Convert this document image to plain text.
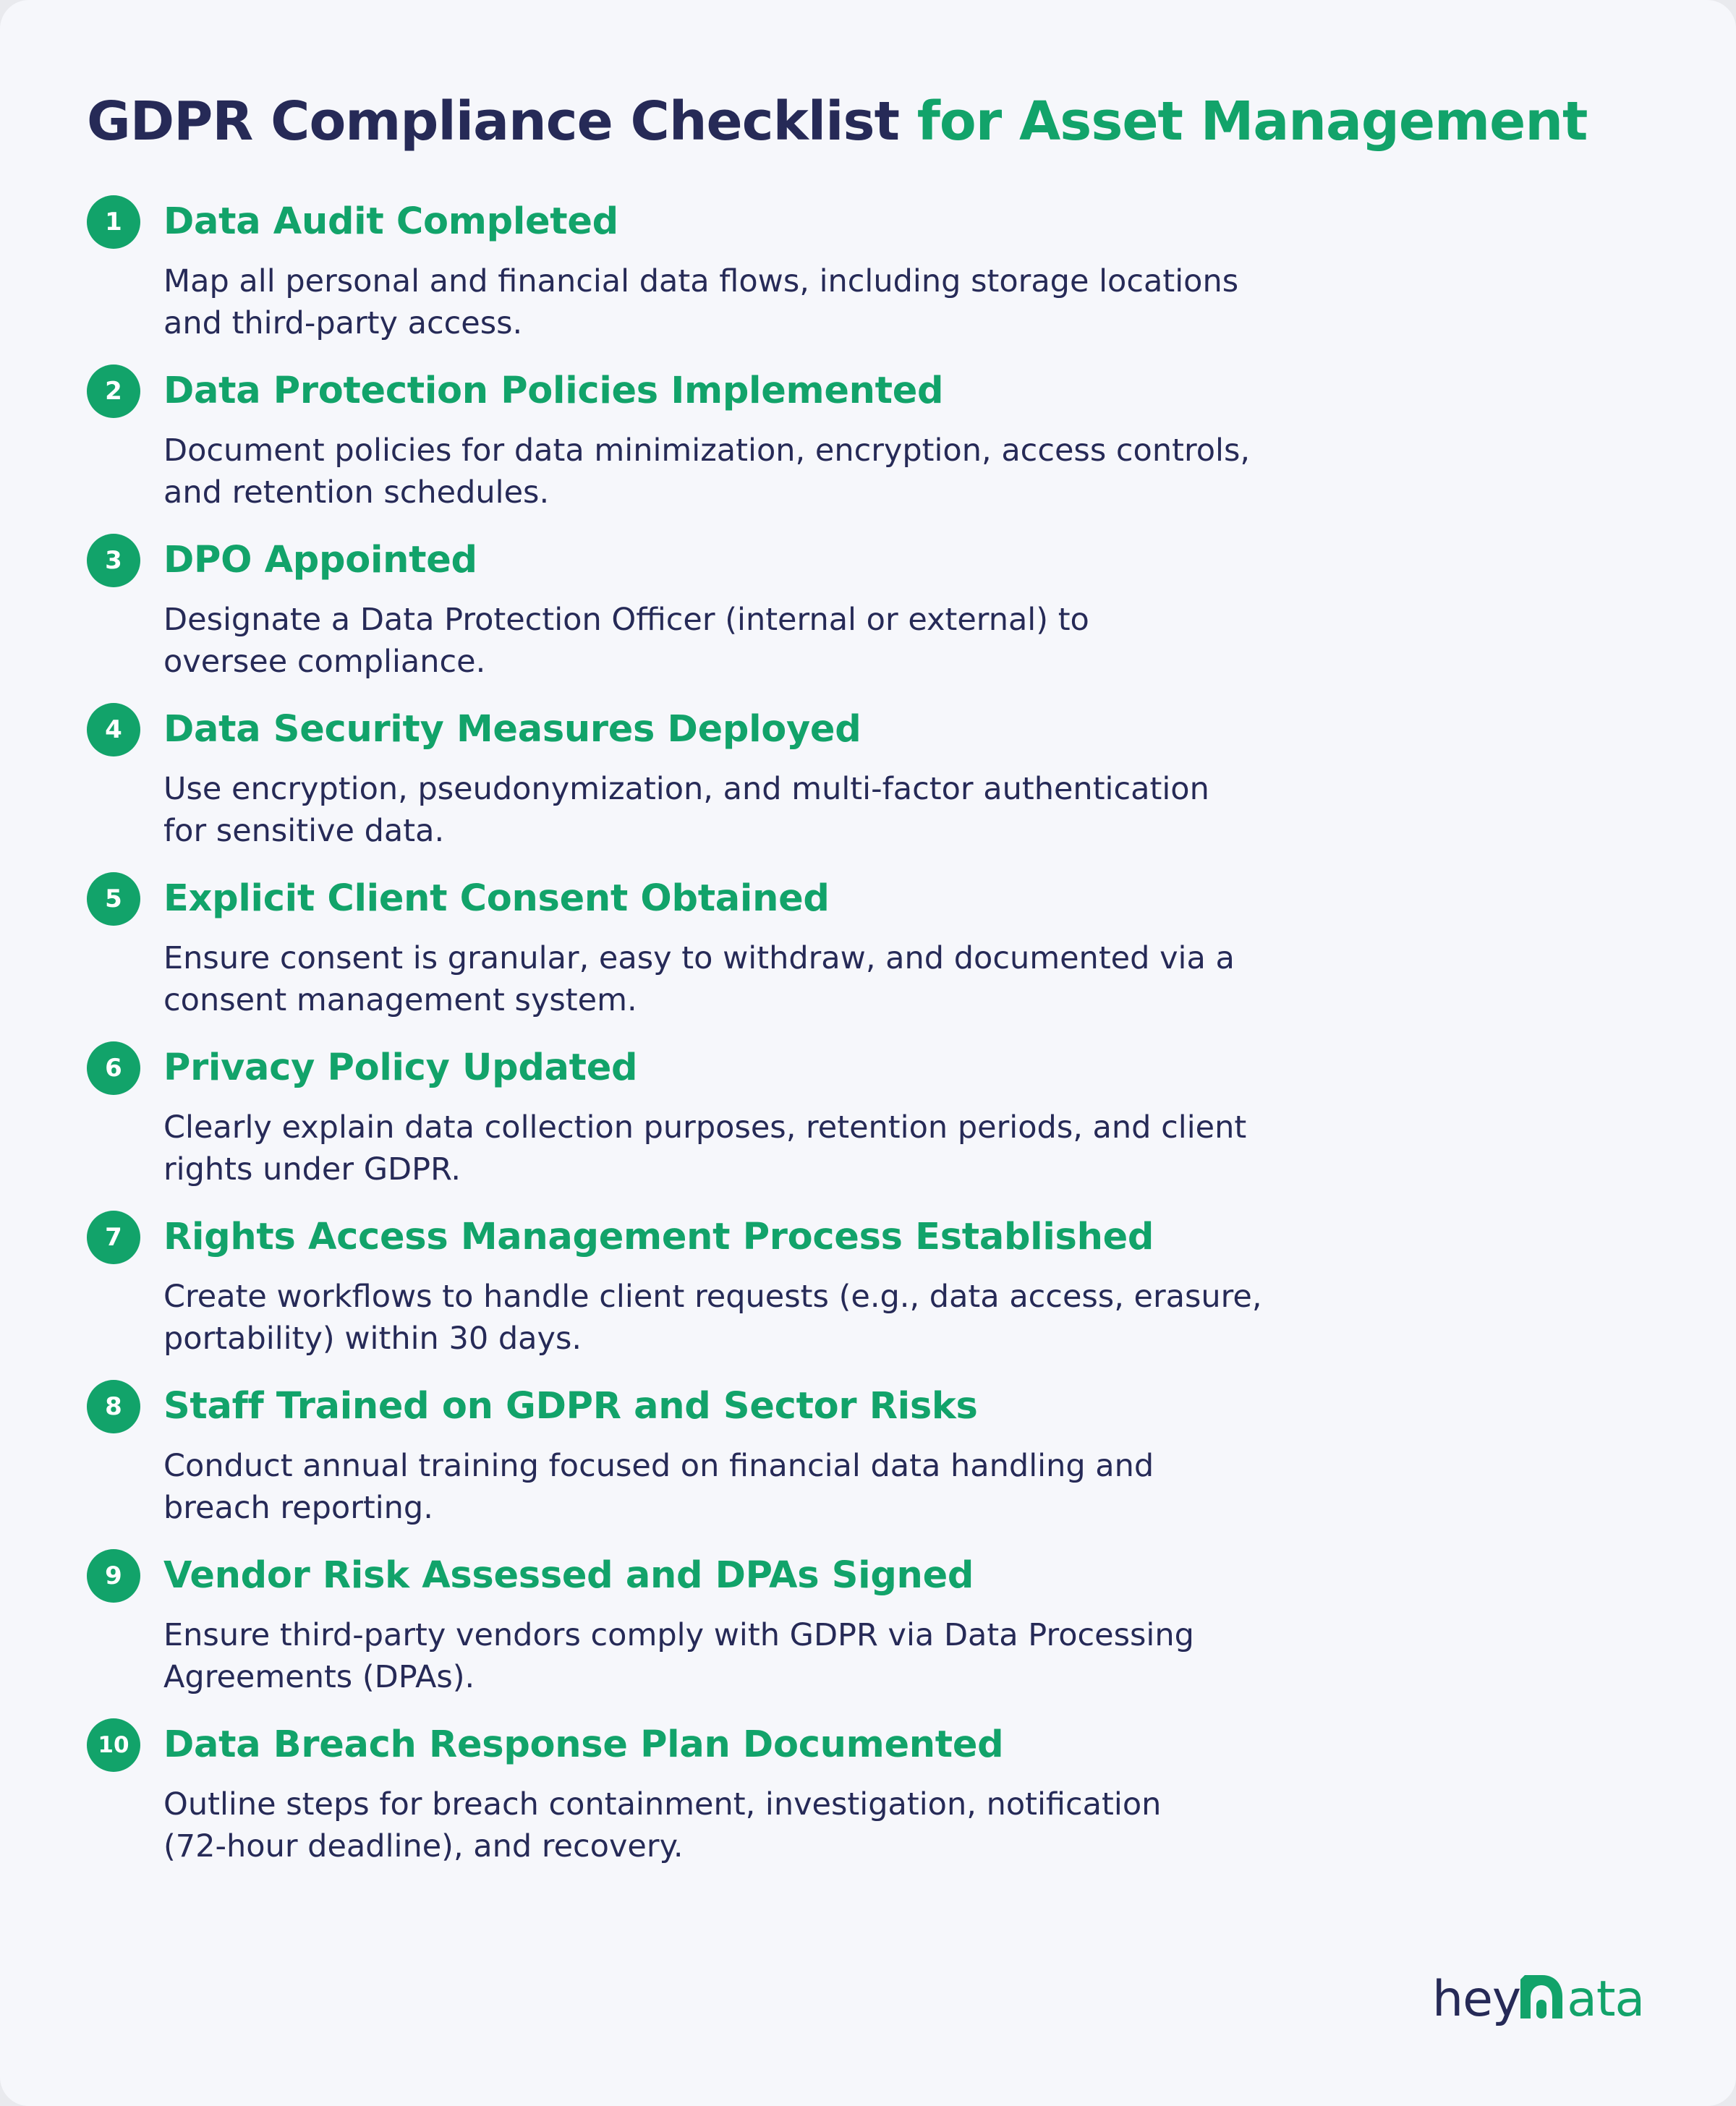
GDPR Compliance Checklist for Asset Management
1	Data Audit Completed
Map all personal and financial data flows, including storage locations
and third-party access.
2	Data Protection Policies Implemented
Document policies for data minimization, encryption, access controls,
and retention schedules.
3	DPO Appointed
Designate a Data Protection Officer (internal or external) to
oversee compliance.
4	Data Security Measures Deployed
Use encryption, pseudonymization, and multi-factor authentication
for sensitive data.
5	Explicit Client Consent Obtained
Ensure consent is granular, easy to withdraw, and documented via a
consent management system.
6	Privacy Policy Updated
Clearly explain data collection purposes, retention periods, and client
rights under GDPR.
7	Rights Access Management Process Established
Create workflows to handle client requests (e.g., data access, erasure,
portability) within 30 days.
8	Staff Trained on GDPR and Sector Risks
Conduct annual training focused on financial data handling and
breach reporting.
9	Vendor Risk Assessed and DPAs Signed
Ensure third-party vendors comply with GDPR via Data Processing
Agreements (DPAs).
10 Data Breach Response Plan Documented
Outline steps for breach containment, investigation, notification
(72-hour deadline), and recovery.
hey ata
